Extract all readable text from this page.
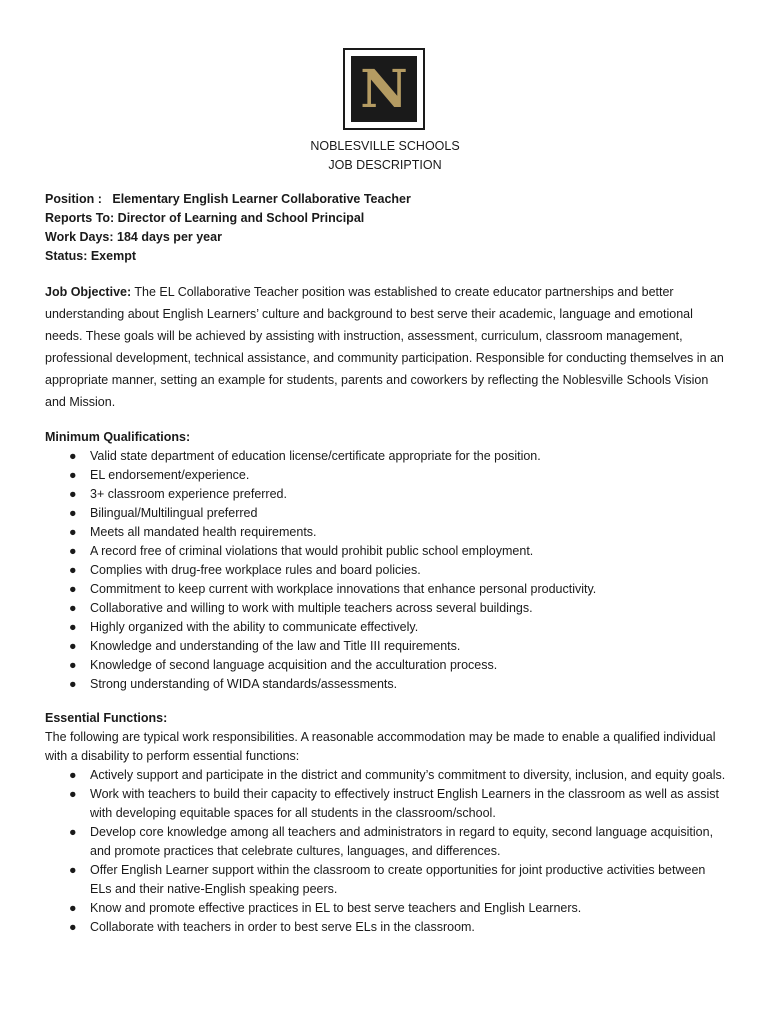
N
NOBLESVILLE SCHOOLS
JOB DESCRIPTION
Position :   Elementary English Learner Collaborative Teacher
Reports To: Director of Learning and School Principal
Work Days: 184 days per year
Status: Exempt
Job Objective: The EL Collaborative Teacher position was established to create educator partnerships and better understanding about English Learners’ culture and background to best serve their academic, language and emotional needs. These goals will be achieved by assisting with instruction, assessment, curriculum, classroom management, professional development, technical assistance, and community participation. Responsible for conducting themselves in an appropriate manner, setting an example for students, parents and coworkers by reflecting the Noblesville Schools Vision and Mission.
Minimum Qualifications:
● Valid state department of education license/certificate appropriate for the position.
● EL endorsement/experience.
● 3+ classroom experience preferred.
● Bilingual/Multilingual preferred
● Meets all mandated health requirements.
● A record free of criminal violations that would prohibit public school employment.
● Complies with drug-free workplace rules and board policies.
● Commitment to keep current with workplace innovations that enhance personal productivity.
● Collaborative and willing to work with multiple teachers across several buildings.
● Highly organized with the ability to communicate effectively.
● Knowledge and understanding of the law and Title III requirements.
● Knowledge of second language acquisition and the acculturation process.
● Strong understanding of WIDA standards/assessments.
Essential Functions:
The following are typical work responsibilities. A reasonable accommodation may be made to enable a qualified individual with a disability to perform essential functions:
● Actively support and participate in the district and community’s commitment to diversity, inclusion, and equity goals.
● Work with teachers to build their capacity to effectively instruct English Learners in the classroom as well as assist with developing equitable spaces for all students in the classroom/school.
● Develop core knowledge among all teachers and administrators in regard to equity, second language acquisition, and promote practices that celebrate cultures, languages, and differences.
● Offer English Learner support within the classroom to create opportunities for joint productive activities between ELs and their native-English speaking peers.
● Know and promote effective practices in EL to best serve teachers and English Learners.
● Collaborate with teachers in order to best serve ELs in the classroom.
